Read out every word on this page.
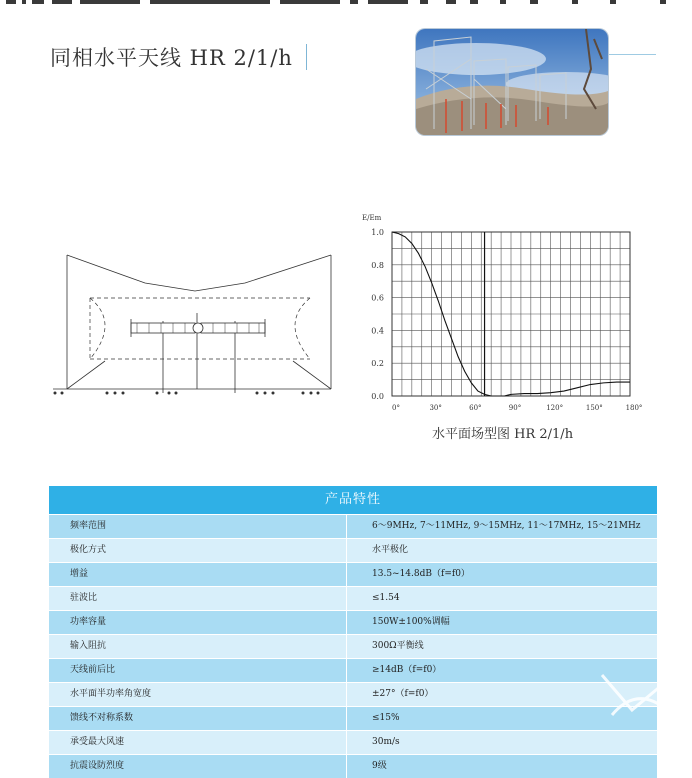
同相水平天线 HR 2/1/h
E/Em
1.0
0.8
0.6
0.4
0.2
0.0
0°	30°	60°	90°	120°	150°	180°
水平面场型图 HR 2/1/h
产品特性
频率范围	6～9MHz, 7～11MHz, 9～15MHz, 11～17MHz, 15～21MHz
极化方式	水平极化
增益	13.5~14.8dB（f=f0）
驻波比	≤1.54
功率容量	150W±100%调幅
输入阻抗	300Ω平衡线
天线前后比	≥14dB（f=f0）
水平面半功率角宽度	±27°（f=f0）
馈线不对称系数	≤15%
承受最大风速	30m/s
抗震设防烈度	9级
